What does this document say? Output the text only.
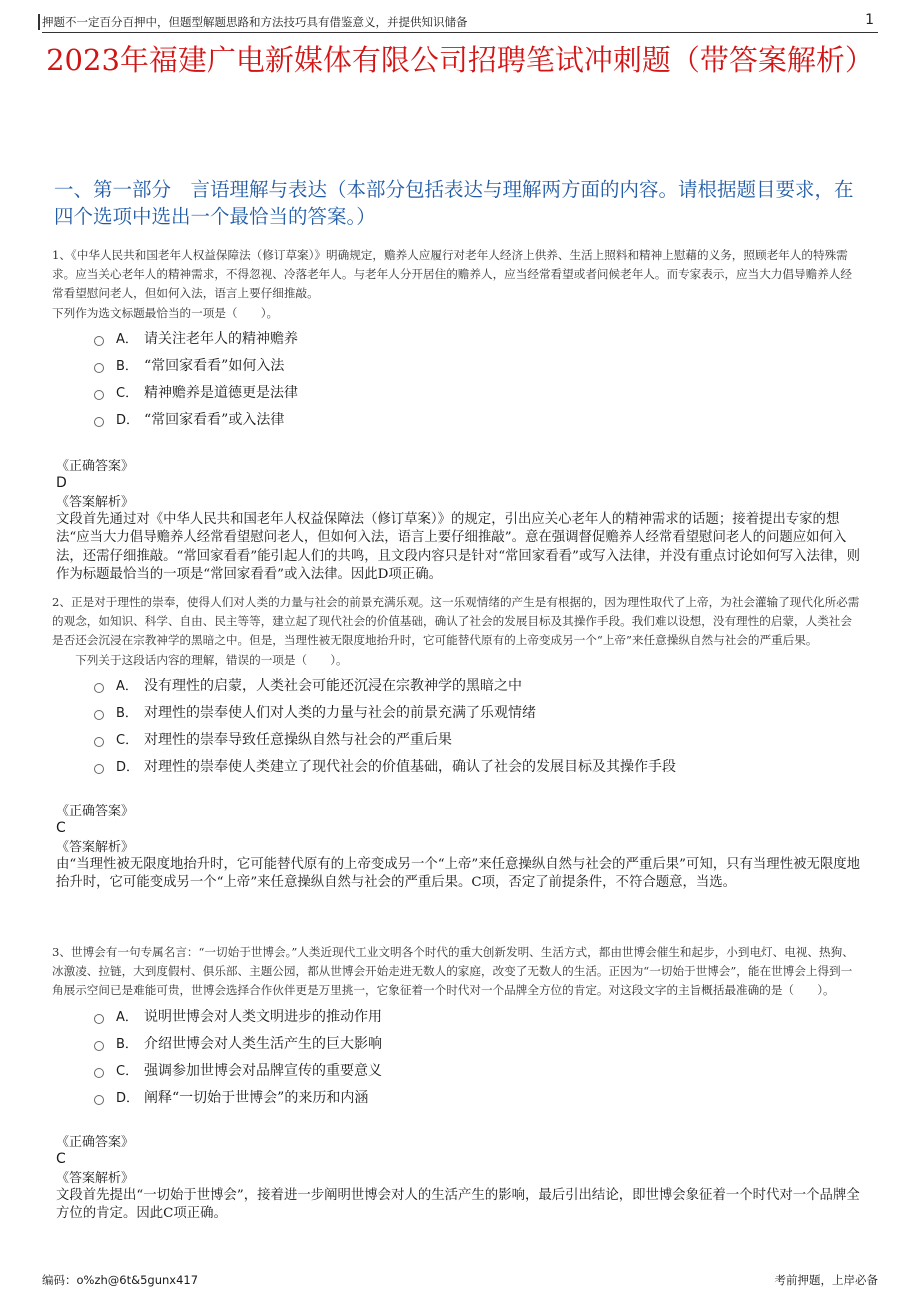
押题不一定百分百押中，但题型解题思路和方法技巧具有借鉴意义，并提供知识储备	1
2023年福建广电新媒体有限公司招聘笔试冲刺题（带答案解析）
一、第一部分　言语理解与表达（本部分包括表达与理解两方面的内容。请根据题目要求，在四个选项中选出一个最恰当的答案。）
1、《中华人民共和国老年人权益保障法（修订草案）》明确规定，赡养人应履行对老年人经济上供养、生活上照料和精神上慰藉的义务，照顾老年人的特殊需求。应当关心老年人的精神需求，不得忽视、冷落老年人。与老年人分开居住的赡养人，应当经常看望或者问候老年人。而专家表示，应当大力倡导赡养人经常看望慰问老人，但如何入法，语言上要仔细推敲。

下列作为选文标题最恰当的一项是（　　）。

A． 请关注老年人的精神赡养
B． “常回家看看”如何入法
C． 精神赡养是道德更是法律
D． “常回家看看”或入法律
《正确答案》
D
《答案解析》
文段首先通过对《中华人民共和国老年人权益保障法（修订草案）》的规定，引出应关心老年人的精神需求的话题；接着提出专家的想法“应当大力倡导赡养人经常看望慰问老人，但如何入法，语言上要仔细推敲”。意在强调督促赡养人经常看望慰问老人的问题应如何入法，还需仔细推敲。“常回家看看”能引起人们的共鸣，且文段内容只是针对“常回家看看”或写入法律，并没有重点讨论如何写入法律，则作为标题最恰当的一项是“常回家看看”或入法律。因此D项正确。
2、正是对于理性的崇奉，使得人们对人类的力量与社会的前景充满乐观。这一乐观情绪的产生是有根据的，因为理性取代了上帝，为社会灌输了现代化所必需的观念，如知识、科学、自由、民主等等，建立起了现代社会的价值基础，确认了社会的发展目标及其操作手段。我们难以设想，没有理性的启蒙，人类社会是否还会沉浸在宗教神学的黑暗之中。但是，当理性被无限度地抬升时，它可能替代原有的上帝变成另一个“上帝”来任意操纵自然与社会的严重后果。

　　下列关于这段话内容的理解，错误的一项是（　　）。

A． 没有理性的启蒙，人类社会可能还沉浸在宗教神学的黑暗之中
B． 对理性的崇奉使人们对人类的力量与社会的前景充满了乐观情绪
C． 对理性的崇奉导致任意操纵自然与社会的严重后果
D． 对理性的崇奉使人类建立了现代社会的价值基础，确认了社会的发展目标及其操作手段
《正确答案》
C
《答案解析》
由“当理性被无限度地抬升时，它可能替代原有的上帝变成另一个“上帝”来任意操纵自然与社会的严重后果”可知，只有当理性被无限度地抬升时，它可能变成另一个“上帝”来任意操纵自然与社会的严重后果。C项，否定了前提条件，不符合题意，当选。
3、世博会有一句专属名言：“一切始于世博会。”人类近现代工业文明各个时代的重大创新发明、生活方式，都由世博会催生和起步，小到电灯、电视、热狗、冰激凌、拉链，大到度假村、俱乐部、主题公园，都从世博会开始走进无数人的家庭，改变了无数人的生活。正因为“一切始于世博会”，能在世博会上得到一角展示空间已是难能可贵，世博会选择合作伙伴更是万里挑一，它象征着一个时代对一个品牌全方位的肯定。对这段文字的主旨概括最准确的是（　　）。
A． 说明世博会对人类文明进步的推动作用
B． 介绍世博会对人类生活产生的巨大影响
C． 强调参加世博会对品牌宣传的重要意义
D． 阐释“一切始于世博会”的来历和内涵
《正确答案》
C
《答案解析》
文段首先提出“一切始于世博会”，接着进一步阐明世博会对人的生活产生的影响，最后引出结论，即世博会象征着一个时代对一个品牌全方位的肯定。因此C项正确。
编码：o%zh@6t&5gunx417	考前押题，上岸必备
